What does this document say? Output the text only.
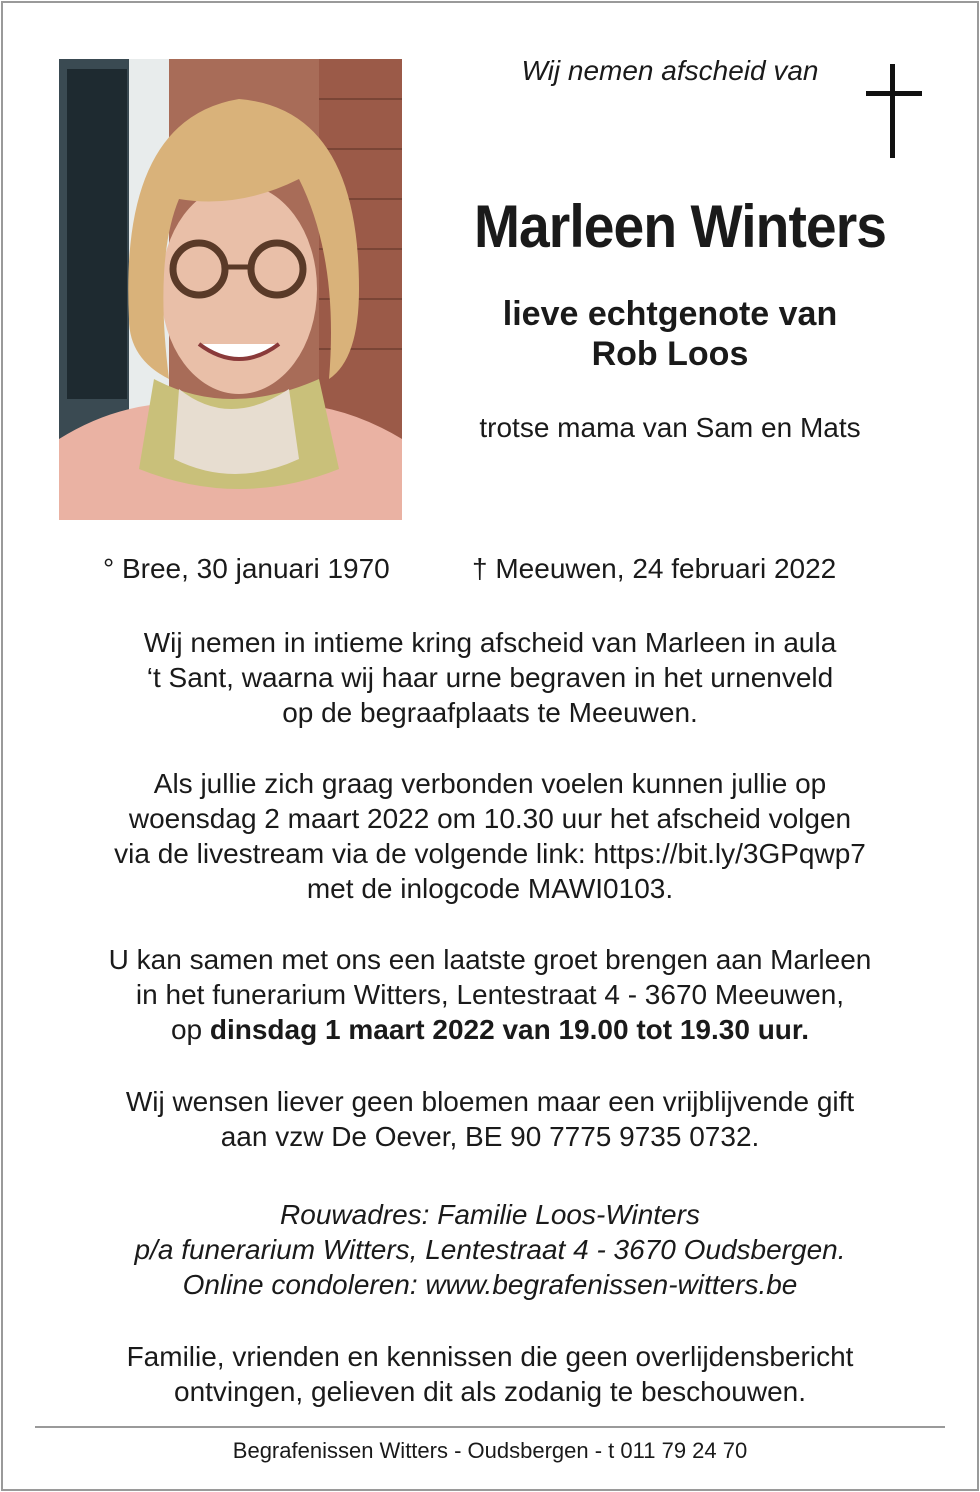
Wij nemen afscheid van
Marleen Winters
lieve echtgenote van
Rob Loos
trotse mama van Sam en Mats
° Bree, 30 januari 1970	† Meeuwen, 24 februari 2022
Wij nemen in intieme kring afscheid van Marleen in aula
‘t Sant, waarna wij haar urne begraven in het urnenveld
op de begraafplaats te Meeuwen.
Als jullie zich graag verbonden voelen kunnen jullie op
woensdag 2 maart 2022 om 10.30 uur het afscheid volgen
via de livestream via de volgende link: https://bit.ly/3GPqwp7
met de inlogcode MAWI0103.
U kan samen met ons een laatste groet brengen aan Marleen
in het funerarium Witters, Lentestraat 4 - 3670 Meeuwen,
op dinsdag 1 maart 2022 van 19.00 tot 19.30 uur.
Wij wensen liever geen bloemen maar een vrijblijvende gift
aan vzw De Oever, BE 90 7775 9735 0732.
Rouwadres: Familie Loos-Winters
p/a funerarium Witters, Lentestraat 4 - 3670 Oudsbergen.
Online condoleren: www.begrafenissen-witters.be
Familie, vrienden en kennissen die geen overlijdensbericht
ontvingen, gelieven dit als zodanig te beschouwen.
Begrafenissen Witters - Oudsbergen - t 011 79 24 70
